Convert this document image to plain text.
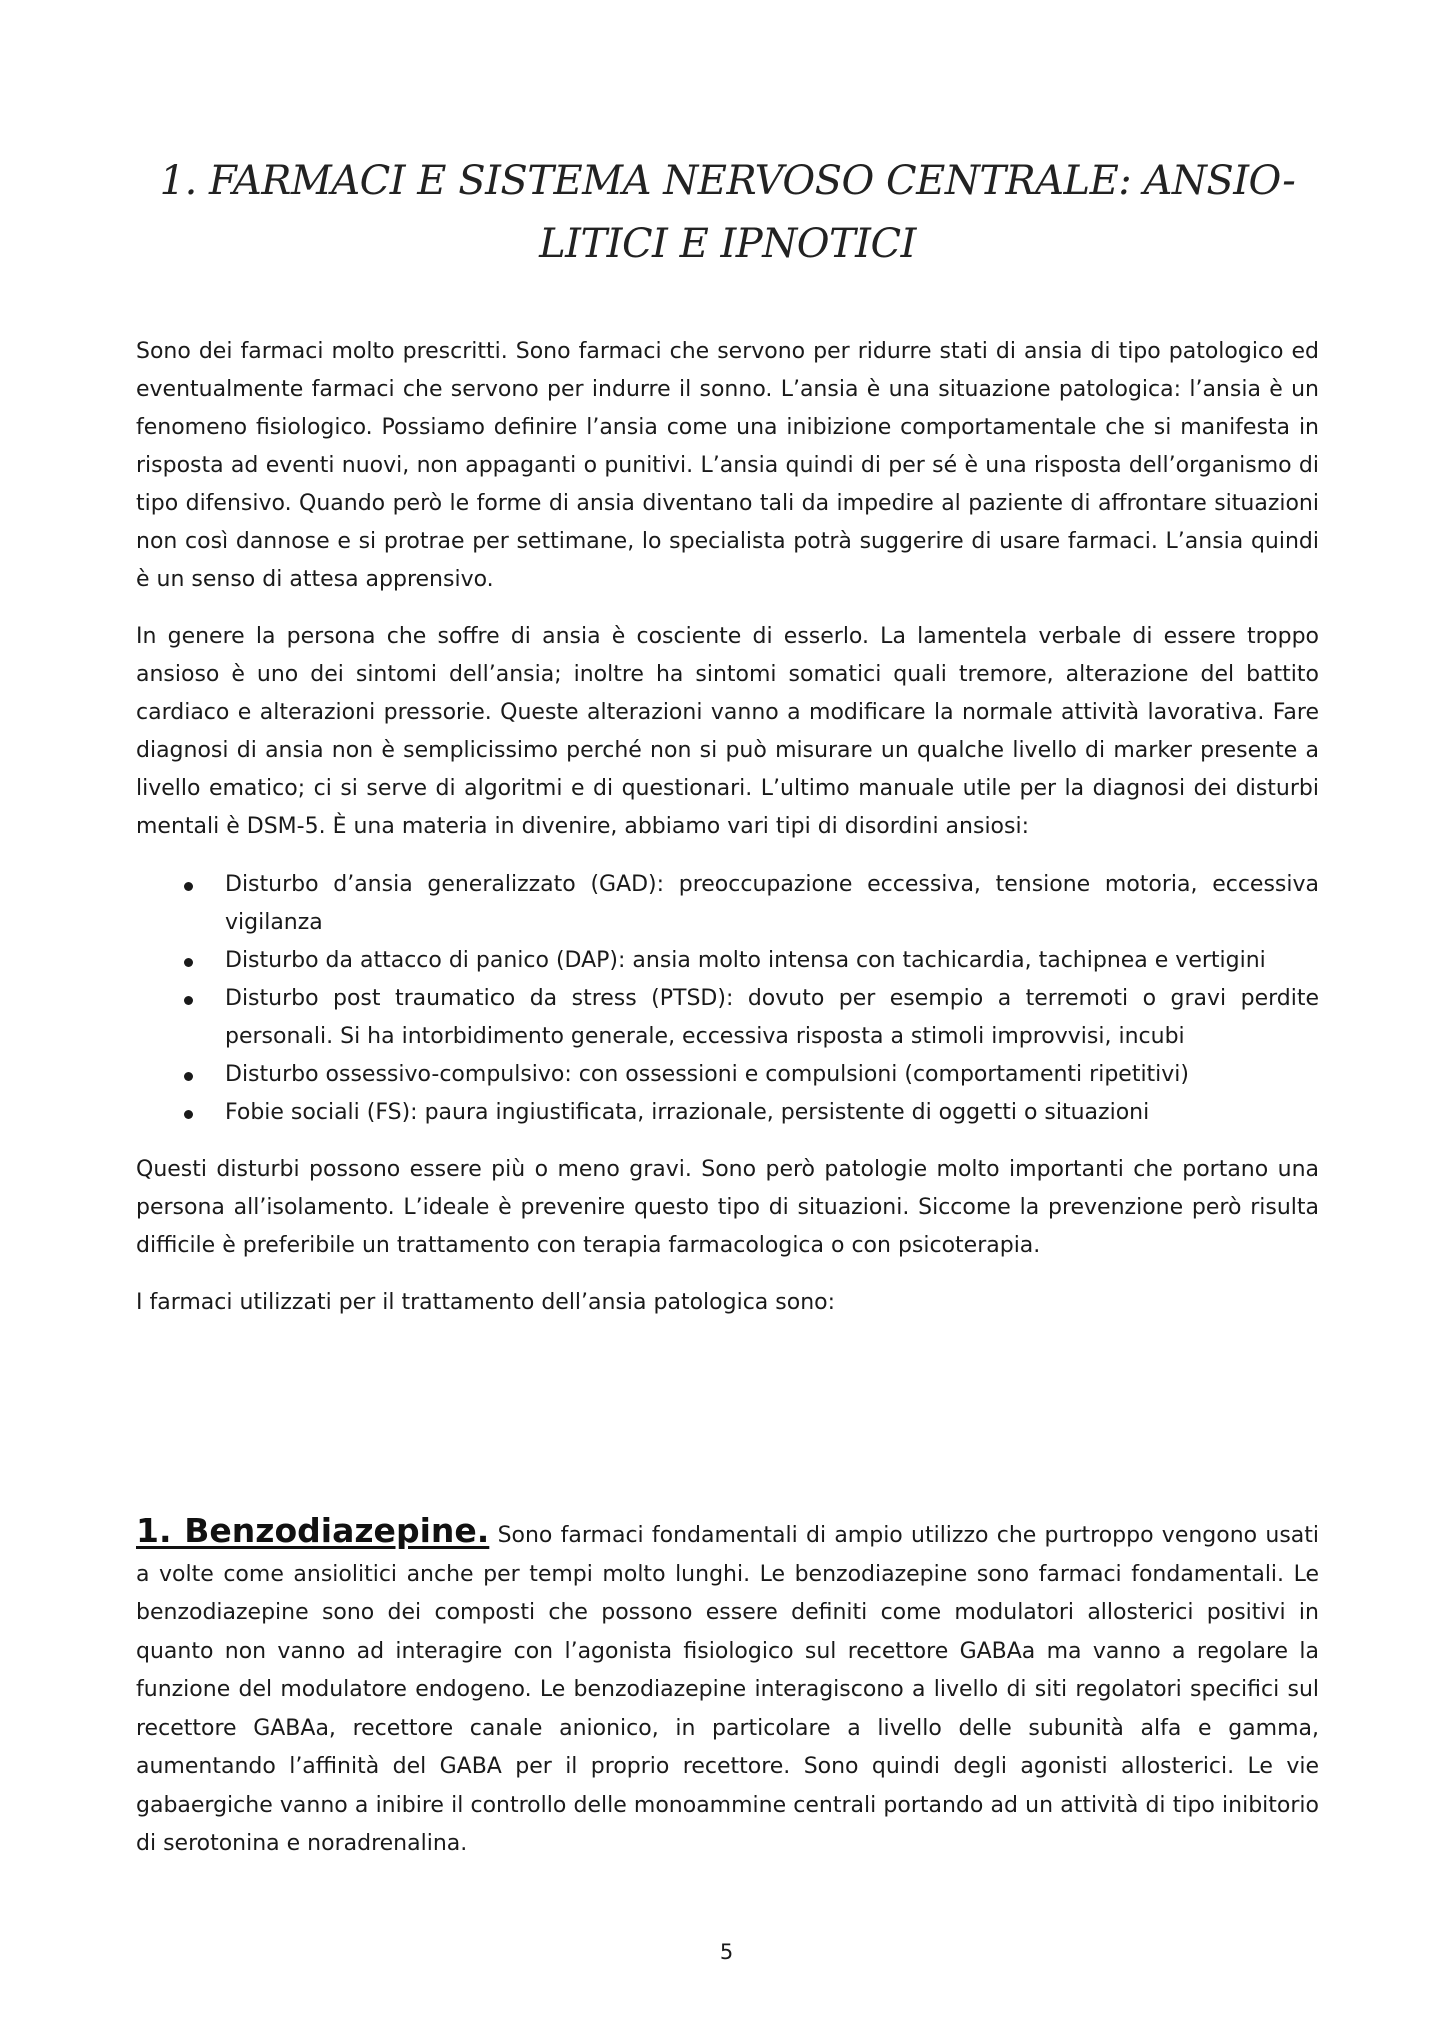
1. FARMACI E SISTEMA NERVOSO CENTRALE: ANSIO-
LITICI E IPNOTICI

Sono dei farmaci molto prescritti. Sono farmaci che servono per ridurre stati di ansia di tipo patologico ed eventualmente farmaci che servono per indurre il sonno. L’ansia è una situazione patologica: l’ansia è un fenomeno fisiologico. Possiamo definire l’ansia come una inibizione comportamentale che si manifesta in risposta ad eventi nuovi, non appaganti o punitivi. L’ansia quindi di per sé è una risposta dell’organismo di tipo difensivo. Quando però le forme di ansia diventano tali da impedire al paziente di affrontare situazioni non così dannose e si protrae per settimane, lo specialista potrà suggerire di usare farmaci. L’ansia quindi è un senso di attesa apprensivo.

In genere la persona che soffre di ansia è cosciente di esserlo. La lamentela verbale di essere troppo ansioso è uno dei sintomi dell’ansia; inoltre ha sintomi somatici quali tremore, alterazione del battito cardiaco e alterazioni pressorie. Queste alterazioni vanno a modificare la normale attività lavorativa. Fare diagnosi di ansia non è semplicissimo perché non si può misurare un qualche livello di marker presente a livello ematico; ci si serve di algoritmi e di questionari. L’ultimo manuale utile per la diagnosi dei disturbi mentali è DSM-5. È una materia in divenire, abbiamo vari tipi di disordini ansiosi:

Disturbo d’ansia generalizzato (GAD): preoccupazione eccessiva, tensione motoria, eccessiva vigilanza
Disturbo da attacco di panico (DAP): ansia molto intensa con tachicardia, tachipnea e vertigini
Disturbo post traumatico da stress (PTSD): dovuto per esempio a terremoti o gravi perdite personali. Si ha intorbidimento generale, eccessiva risposta a stimoli improvvisi, incubi
Disturbo ossessivo-compulsivo: con ossessioni e compulsioni (comportamenti ripetitivi)
Fobie sociali (FS): paura ingiustificata, irrazionale, persistente di oggetti o situazioni

Questi disturbi possono essere più o meno gravi. Sono però patologie molto importanti che portano una persona all’isolamento. L’ideale è prevenire questo tipo di situazioni. Siccome la prevenzione però risulta difficile è preferibile un trattamento con terapia farmacologica o con psicoterapia.

I farmaci utilizzati per il trattamento dell’ansia patologica sono:

1. Benzodiazepine. Sono farmaci fondamentali di ampio utilizzo che purtroppo vengono usati a volte come ansiolitici anche per tempi molto lunghi. Le benzodiazepine sono farmaci fondamentali. Le benzodiazepine sono dei composti che possono essere definiti come modulatori allosterici positivi in quanto non vanno ad interagire con l’agonista fisiologico sul recettore GABAa ma vanno a regolare la funzione del modulatore endogeno. Le benzodiazepine interagiscono a livello di siti regolatori specifici sul recettore GABAa, recettore canale anionico, in particolare a livello delle subunità alfa e gamma, aumentando l’affinità del GABA per il proprio recettore. Sono quindi degli agonisti allosterici. Le vie gabaergiche vanno a inibire il controllo delle monoammine centrali portando ad un attività di tipo inibitorio di serotonina e noradrenalina.

5
